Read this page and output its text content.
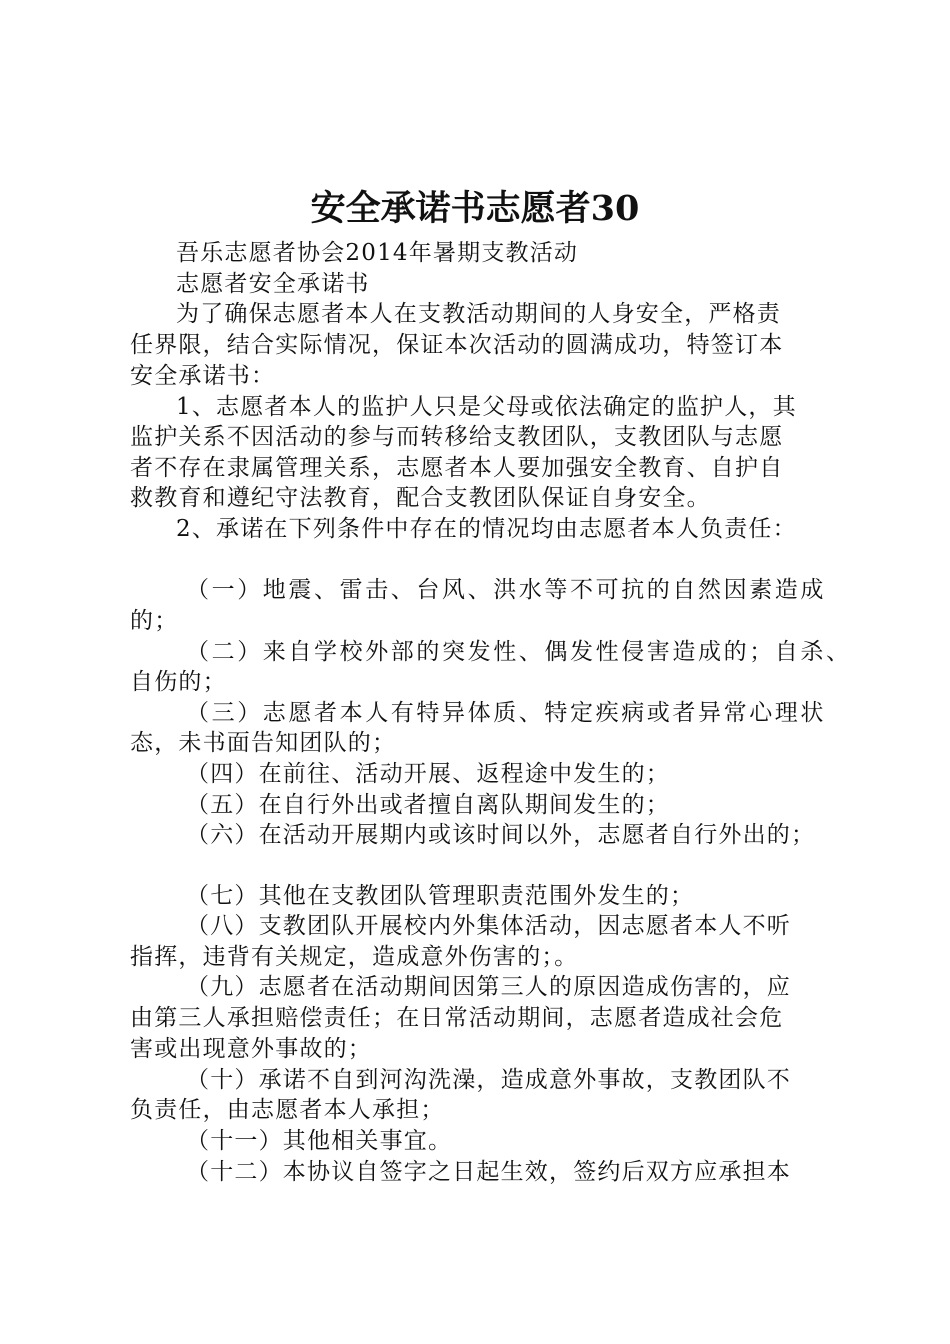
安全承诺书志愿者30

吾乐志愿者协会2014年暑期支教活动

志愿者安全承诺书

为了确保志愿者本人在支教活动期间的人身安全，严格责

任界限，结合实际情况，保证本次活动的圆满成功，特签订本

安全承诺书：

1、志愿者本人的监护人只是父母或依法确定的监护人，其

监护关系不因活动的参与而转移给支教团队，支教团队与志愿

者不存在隶属管理关系，志愿者本人要加强安全教育、自护自

救教育和遵纪守法教育，配合支教团队保证自身安全。

2、承诺在下列条件中存在的情况均由志愿者本人负责任：

（一）地震、雷击、台风、洪水等不可抗的自然因素造成

的；

（二）来自学校外部的突发性、偶发性侵害造成的；自杀、

自伤的；

（三）志愿者本人有特异体质、特定疾病或者异常心理状

态，未书面告知团队的；

（四）在前往、活动开展、返程途中发生的；

（五）在自行外出或者擅自离队期间发生的；

（六）在活动开展期内或该时间以外，志愿者自行外出的；

（七）其他在支教团队管理职责范围外发生的；

（八）支教团队开展校内外集体活动，因志愿者本人不听

指挥，违背有关规定，造成意外伤害的；。

（九）志愿者在活动期间因第三人的原因造成伤害的，应

由第三人承担赔偿责任；在日常活动期间，志愿者造成社会危

害或出现意外事故的；

（十）承诺不自到河沟洗澡，造成意外事故，支教团队不

负责任，由志愿者本人承担；

（十一）其他相关事宜。

（十二）本协议自签字之日起生效，签约后双方应承担本
